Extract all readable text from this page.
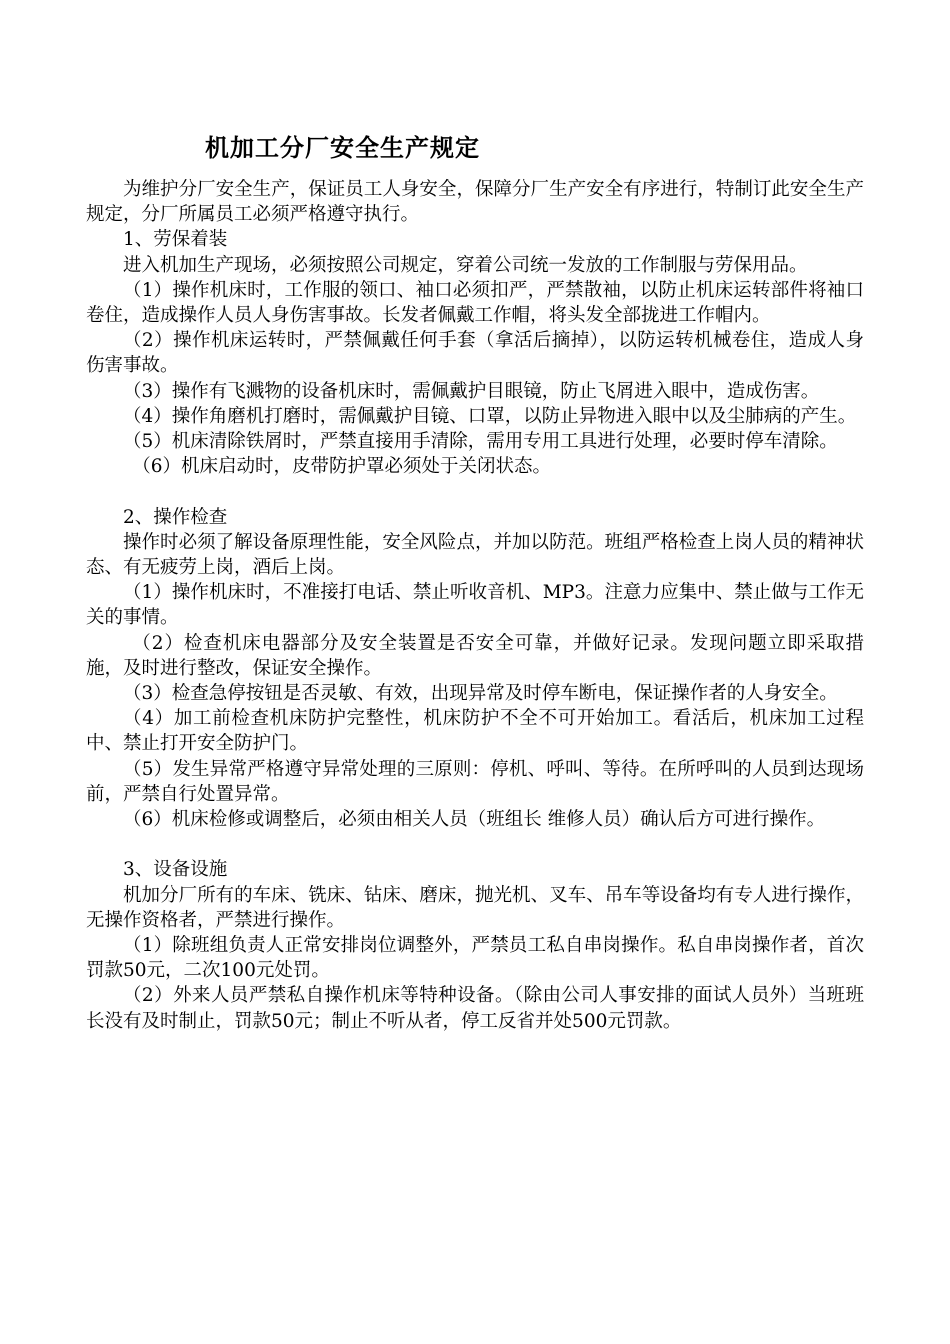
机加工分厂安全生产规定

为维护分厂安全生产，保证员工人身安全，保障分厂生产安全有序进行，特制订此安全生产规定，分厂所属员工必须严格遵守执行。

1、劳保着装

进入机加生产现场，必须按照公司规定，穿着公司统一发放的工作制服与劳保用品。

（1）操作机床时，工作服的领口、袖口必须扣严，严禁散袖，以防止机床运转部件将袖口卷住，造成操作人员人身伤害事故。长发者佩戴工作帽，将头发全部拢进工作帽内。

（2）操作机床运转时，严禁佩戴任何手套（拿活后摘掉），以防运转机械卷住，造成人身伤害事故。

（3）操作有飞溅物的设备机床时，需佩戴护目眼镜，防止飞屑进入眼中，造成伤害。

（4）操作角磨机打磨时，需佩戴护目镜、口罩，以防止异物进入眼中以及尘肺病的产生。

（5）机床清除铁屑时，严禁直接用手清除，需用专用工具进行处理，必要时停车清除。

（6）机床启动时，皮带防护罩必须处于关闭状态。

2、操作检查

操作时必须了解设备原理性能，安全风险点，并加以防范。班组严格检查上岗人员的精神状态、有无疲劳上岗，酒后上岗。

（1）操作机床时，不准接打电话、禁止听收音机、MP3。注意力应集中、禁止做与工作无关的事情。

（2）检查机床电器部分及安全装置是否安全可靠，并做好记录。发现问题立即采取措施，及时进行整改，保证安全操作。

（3）检查急停按钮是否灵敏、有效，出现异常及时停车断电，保证操作者的人身安全。

（4）加工前检查机床防护完整性，机床防护不全不可开始加工。看活后，机床加工过程中、禁止打开安全防护门。

（5）发生异常严格遵守异常处理的三原则：停机、呼叫、等待。在所呼叫的人员到达现场前，严禁自行处置异常。

（6）机床检修或调整后，必须由相关人员（班组长 维修人员）确认后方可进行操作。

3、设备设施

机加分厂所有的车床、铣床、钻床、磨床，抛光机、叉车、吊车等设备均有专人进行操作，无操作资格者，严禁进行操作。

（1）除班组负责人正常安排岗位调整外，严禁员工私自串岗操作。私自串岗操作者，首次罚款50元，二次100元处罚。

（2）外来人员严禁私自操作机床等特种设备。（除由公司人事安排的面试人员外）当班班长没有及时制止，罚款50元；制止不听从者，停工反省并处500元罚款。
